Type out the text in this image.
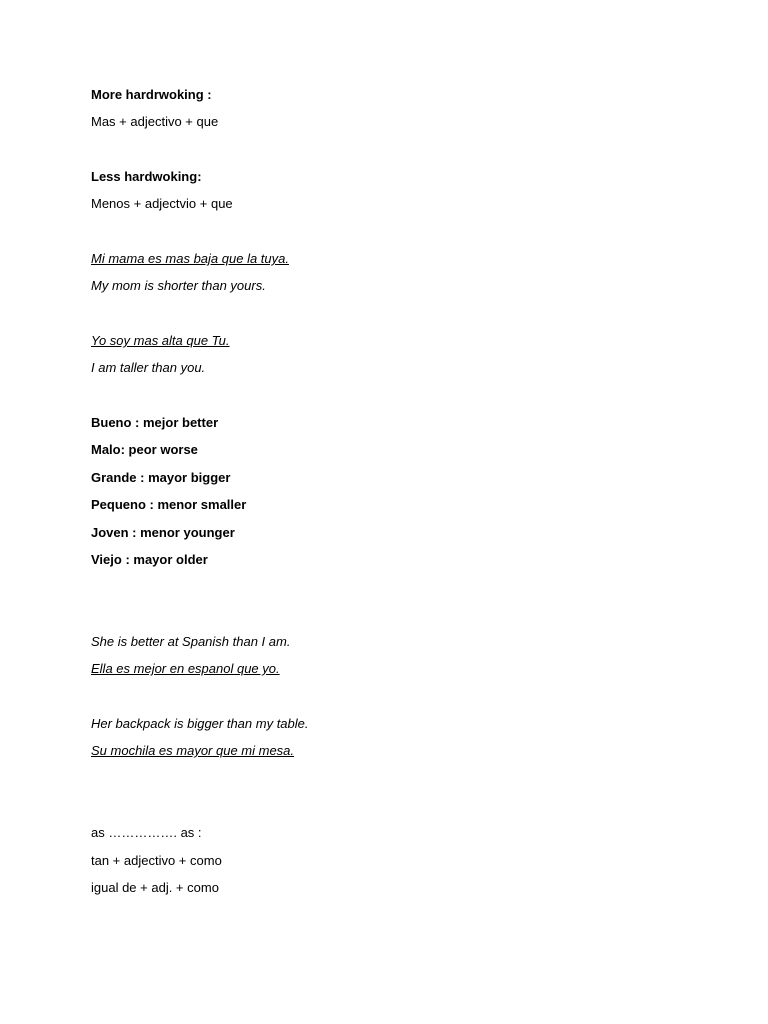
More hardrwoking :
Mas + adjectivo + que
Less hardwoking:
Menos + adjectvio + que
Mi mama es mas baja que la tuya.
My mom is shorter than yours.
Yo soy mas alta que Tu.
I am taller than you.
Bueno : mejor better
Malo: peor worse
Grande : mayor bigger
Pequeno : menor smaller
Joven : menor younger
Viejo : mayor older
She is better at Spanish than I am.
Ella es mejor en espanol que yo.
Her backpack is bigger than my table.
Su mochila es mayor que mi mesa.
as ……………. as :
tan + adjectivo + como
igual de + adj. + como
